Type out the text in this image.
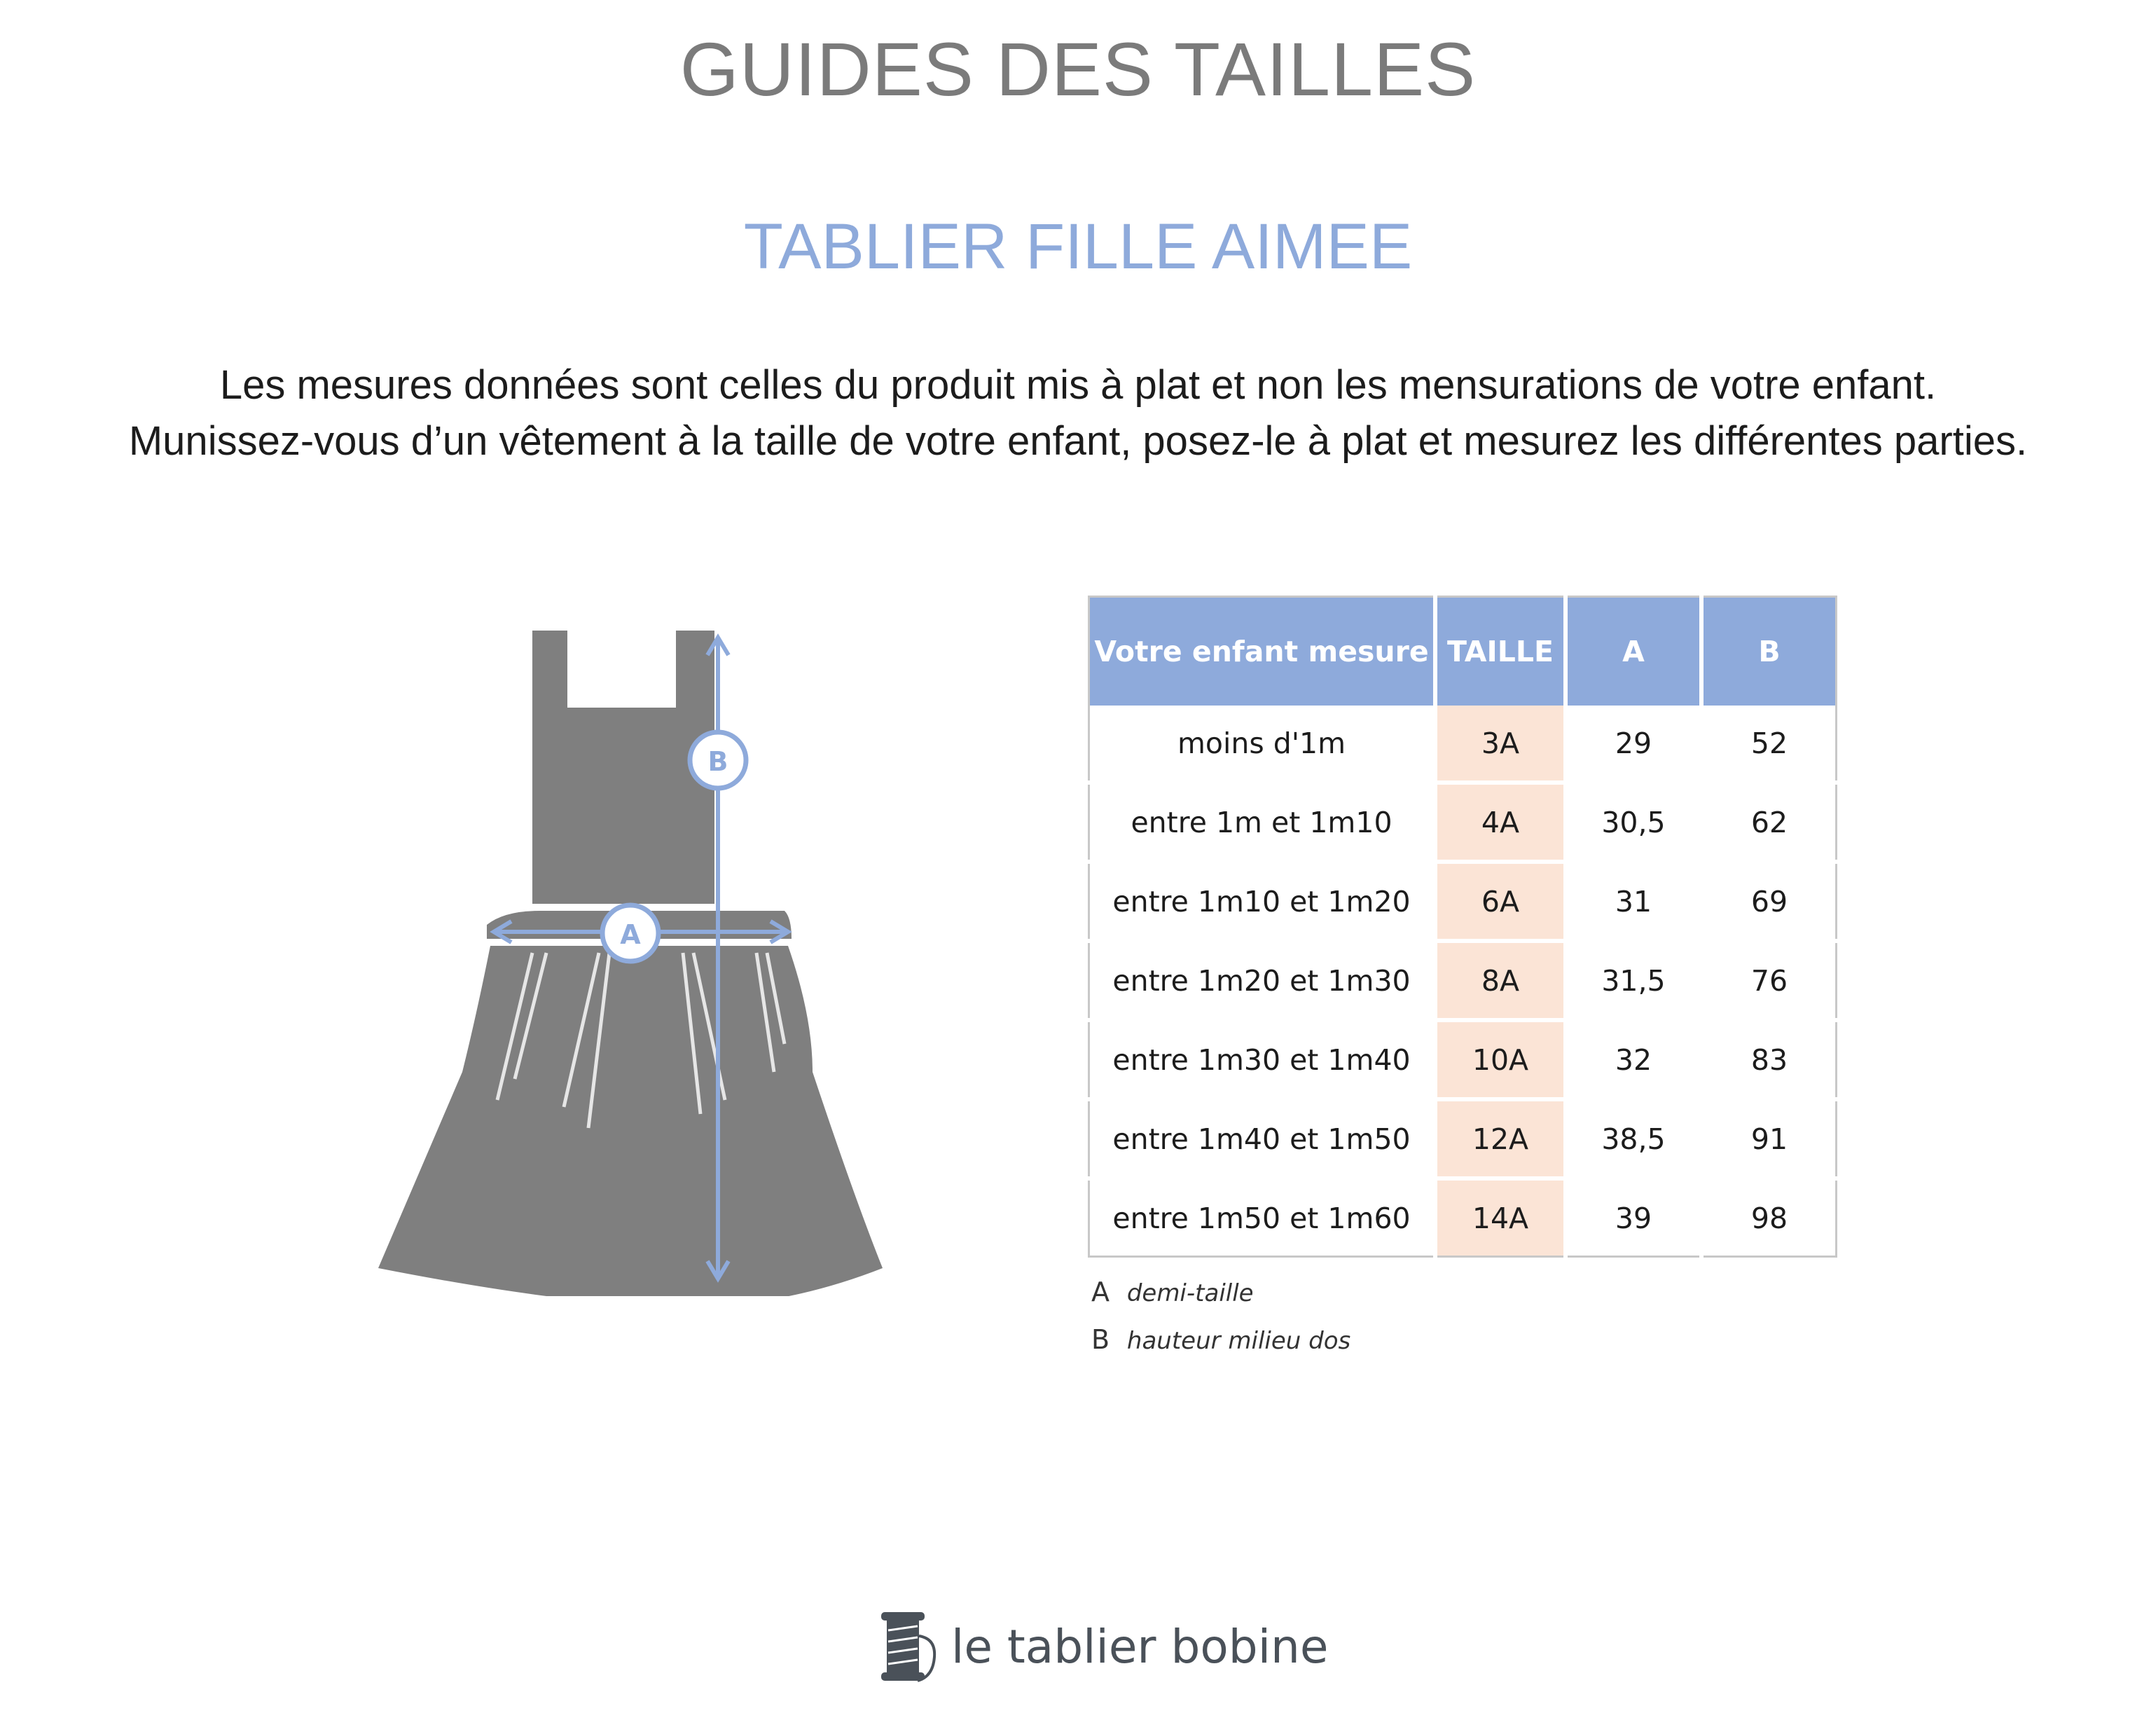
GUIDES DES TAILLES
TABLIER FILLE AIMEE
Les mesures données sont celles du produit mis à plat et non les mensurations de votre enfant.
Munissez-vous d’un vêtement à la taille de votre enfant, posez-le à plat et mesurez les différentes parties.
B
A
Votre enfant mesure	TAILLE	A	B
moins d'1m	3A	29	52
entre 1m et 1m10	4A	30,5	62
entre 1m10 et 1m20	6A	31	69
entre 1m20 et 1m30	8A	31,5	76
entre 1m30 et 1m40	10A	32	83
entre 1m40 et 1m50	12A	38,5	91
entre 1m50 et 1m60	14A	39	98
A demi-taille
B hauteur milieu dos
le tablier bobine
